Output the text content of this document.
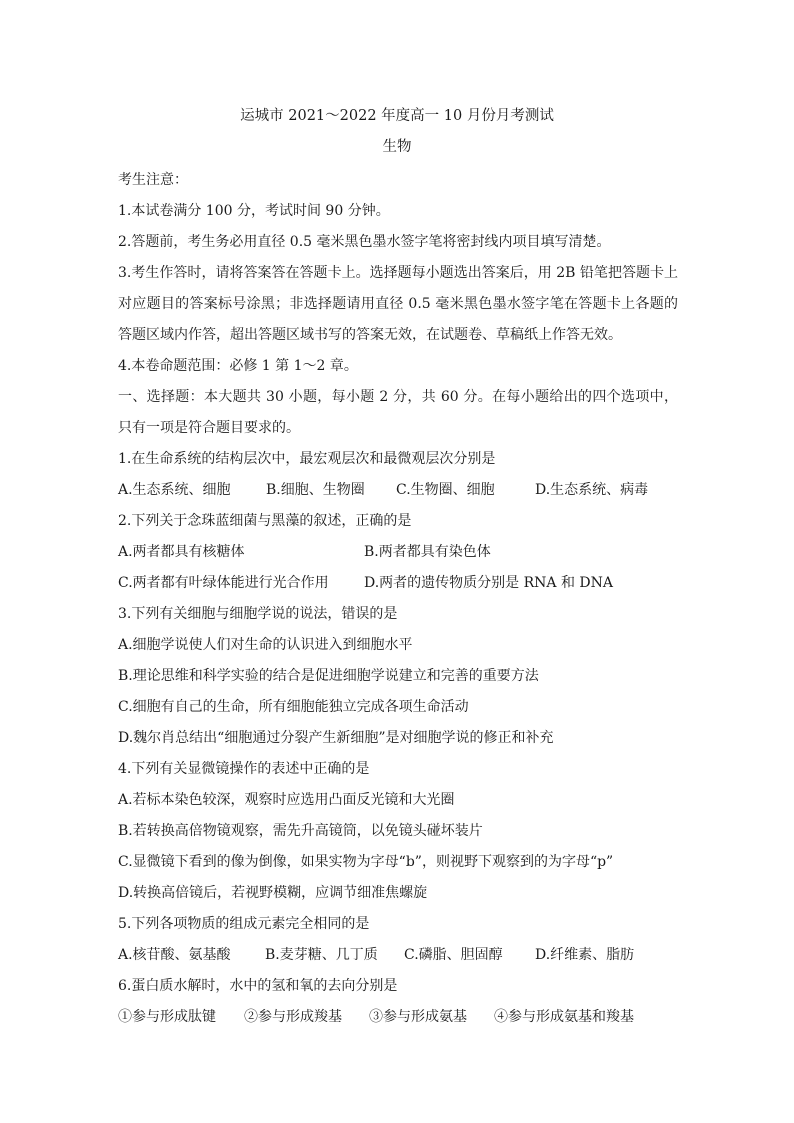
运城市 2021～2022 年度高一 10 月份月考测试
生物
考生注意：
1.本试卷满分 100 分，考试时间 90 分钟。
2.答题前，考生务必用直径 0.5 毫米黑色墨水签字笔将密封线内项目填写清楚。
3.考生作答时，请将答案答在答题卡上。选择题每小题选出答案后，用 2B 铅笔把答题卡上对应题目的答案标号涂黑；非选择题请用直径 0.5 毫米黑色墨水签字笔在答题卡上各题的答题区域内作答，超出答题区域书写的答案无效，在试题卷、草稿纸上作答无效。
4.本卷命题范围：必修 1 第 1～2 章。
一、选择题：本大题共 30 小题，每小题 2 分，共 60 分。在每小题给出的四个选项中，只有一项是符合题目要求的。
1.在生命系统的结构层次中，最宏观层次和最微观层次分别是
A.生态系统、细胞	B.细胞、生物圈	C.生物圈、细胞	D.生态系统、病毒
2.下列关于念珠蓝细菌与黑藻的叙述，正确的是
A.两者都具有核糖体	B.两者都具有染色体
C.两者都有叶绿体能进行光合作用	D.两者的遗传物质分别是 RNA 和 DNA
3.下列有关细胞与细胞学说的说法，错误的是
A.细胞学说使人们对生命的认识进入到细胞水平
B.理论思维和科学实验的结合是促进细胞学说建立和完善的重要方法
C.细胞有自己的生命，所有细胞能独立完成各项生命活动
D.魏尔肖总结出“细胞通过分裂产生新细胞”是对细胞学说的修正和补充
4.下列有关显微镜操作的表述中正确的是
A.若标本染色较深，观察时应选用凸面反光镜和大光圈
B.若转换高倍物镜观察，需先升高镜筒，以免镜头碰坏装片
C.显微镜下看到的像为倒像，如果实物为字母“b”，则视野下观察到的为字母“p”
D.转换高倍镜后，若视野模糊，应调节细准焦螺旋
5.下列各项物质的组成元素完全相同的是
A.核苷酸、氨基酸	B.麦芽糖、几丁质	C.磷脂、胆固醇	D.纤维素、脂肪
6.蛋白质水解时，水中的氢和氧的去向分别是
①参与形成肽键	②参与形成羧基	③参与形成氨基	④参与形成氨基和羧基
